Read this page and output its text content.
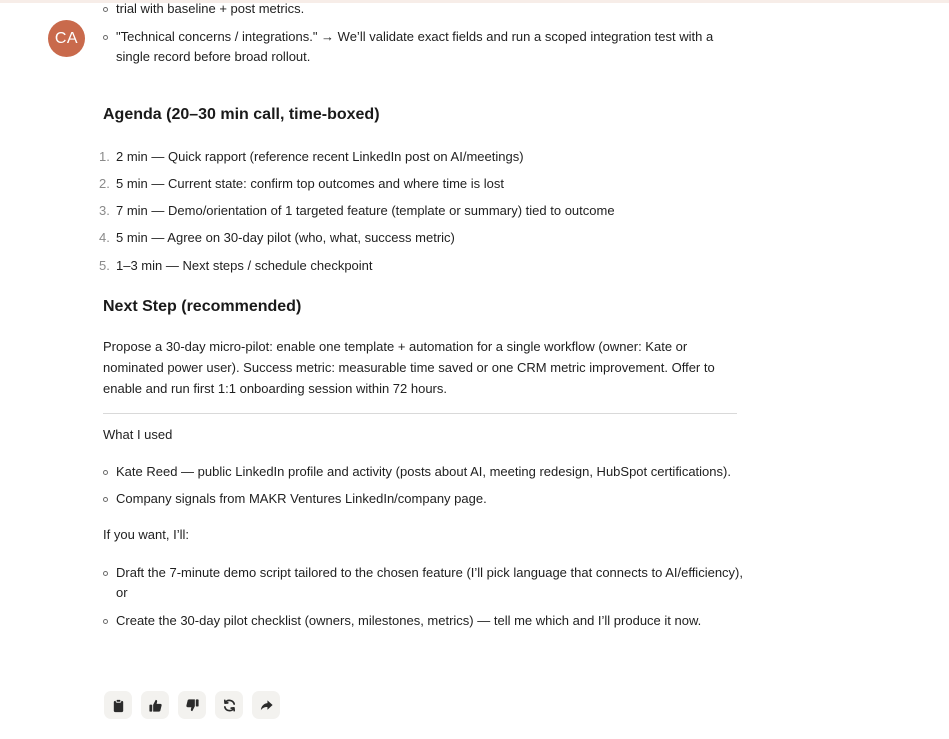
CA
trial with baseline + post metrics.
"Technical concerns / integrations." → We’ll validate exact fields and run a scoped integration test with a single record before broad rollout.
Agenda (20–30 min call, time-boxed)
1. 2 min — Quick rapport (reference recent LinkedIn post on AI/meetings)
2. 5 min — Current state: confirm top outcomes and where time is lost
3. 7 min — Demo/orientation of 1 targeted feature (template or summary) tied to outcome
4. 5 min — Agree on 30-day pilot (who, what, success metric)
5. 1–3 min — Next steps / schedule checkpoint
Next Step (recommended)

Propose a 30-day micro-pilot: enable one template + automation for a single workflow (owner: Kate or nominated power user). Success metric: measurable time saved or one CRM metric improvement. Offer to enable and run first 1:1 onboarding session within 72 hours.

What I used

Kate Reed — public LinkedIn profile and activity (posts about AI, meeting redesign, HubSpot certifications).
Company signals from MAKR Ventures LinkedIn/company page.

If you want, I’ll:

Draft the 7-minute demo script tailored to the chosen feature (I’ll pick language that connects to AI/efficiency), or
Create the 30-day pilot checklist (owners, milestones, metrics) — tell me which and I’ll produce it now.
